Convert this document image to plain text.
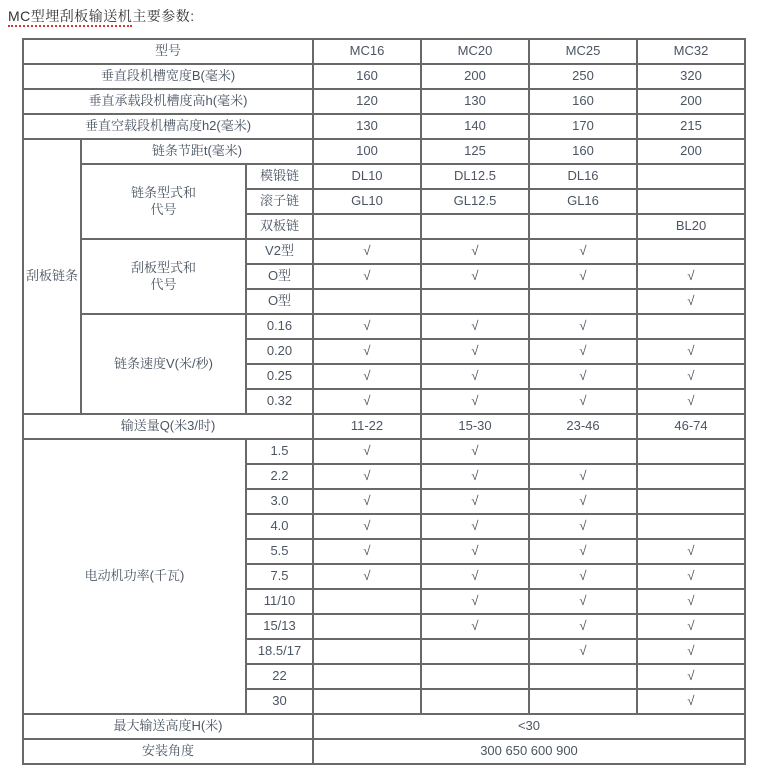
MC型埋刮板输送机主要参数:

型号			MC16	MC20	MC25	MC32
垂直段机槽宽度B(毫米)			160	200	250	320
垂直承载段机槽度高h(毫米)			120	130	160	200
垂直空载段机槽高度h2(毫米)			130	140	170	215
刮板链条	链条节距t(毫米)		100	125	160	200
	链条型式和代号	模锻链	DL10	DL12.5	DL16	
		滚子链	GL10	GL12.5	GL16	
		双板链				BL20
	刮板型式和代号	V2型	√	√	√	
		O型	√	√	√	√
		O型				√
	链条速度V(米/秒)	0.16	√	√	√	
		0.20	√	√	√	√
		0.25	√	√	√	√
		0.32	√	√	√	√
输送量Q(米3/时)			11-22	15-30	23-46	46-74
电动机功率(千瓦)		1.5	√	√		
		2.2	√	√	√	
		3.0	√	√	√	
		4.0	√	√	√	
		5.5	√	√	√	√
		7.5	√	√	√	√
		11/10		√	√	√
		15/13		√	√	√
		18.5/17			√	√
		22				√
		30				√
最大输送高度H(米)			<30			
安装角度			300 650 600 900			
